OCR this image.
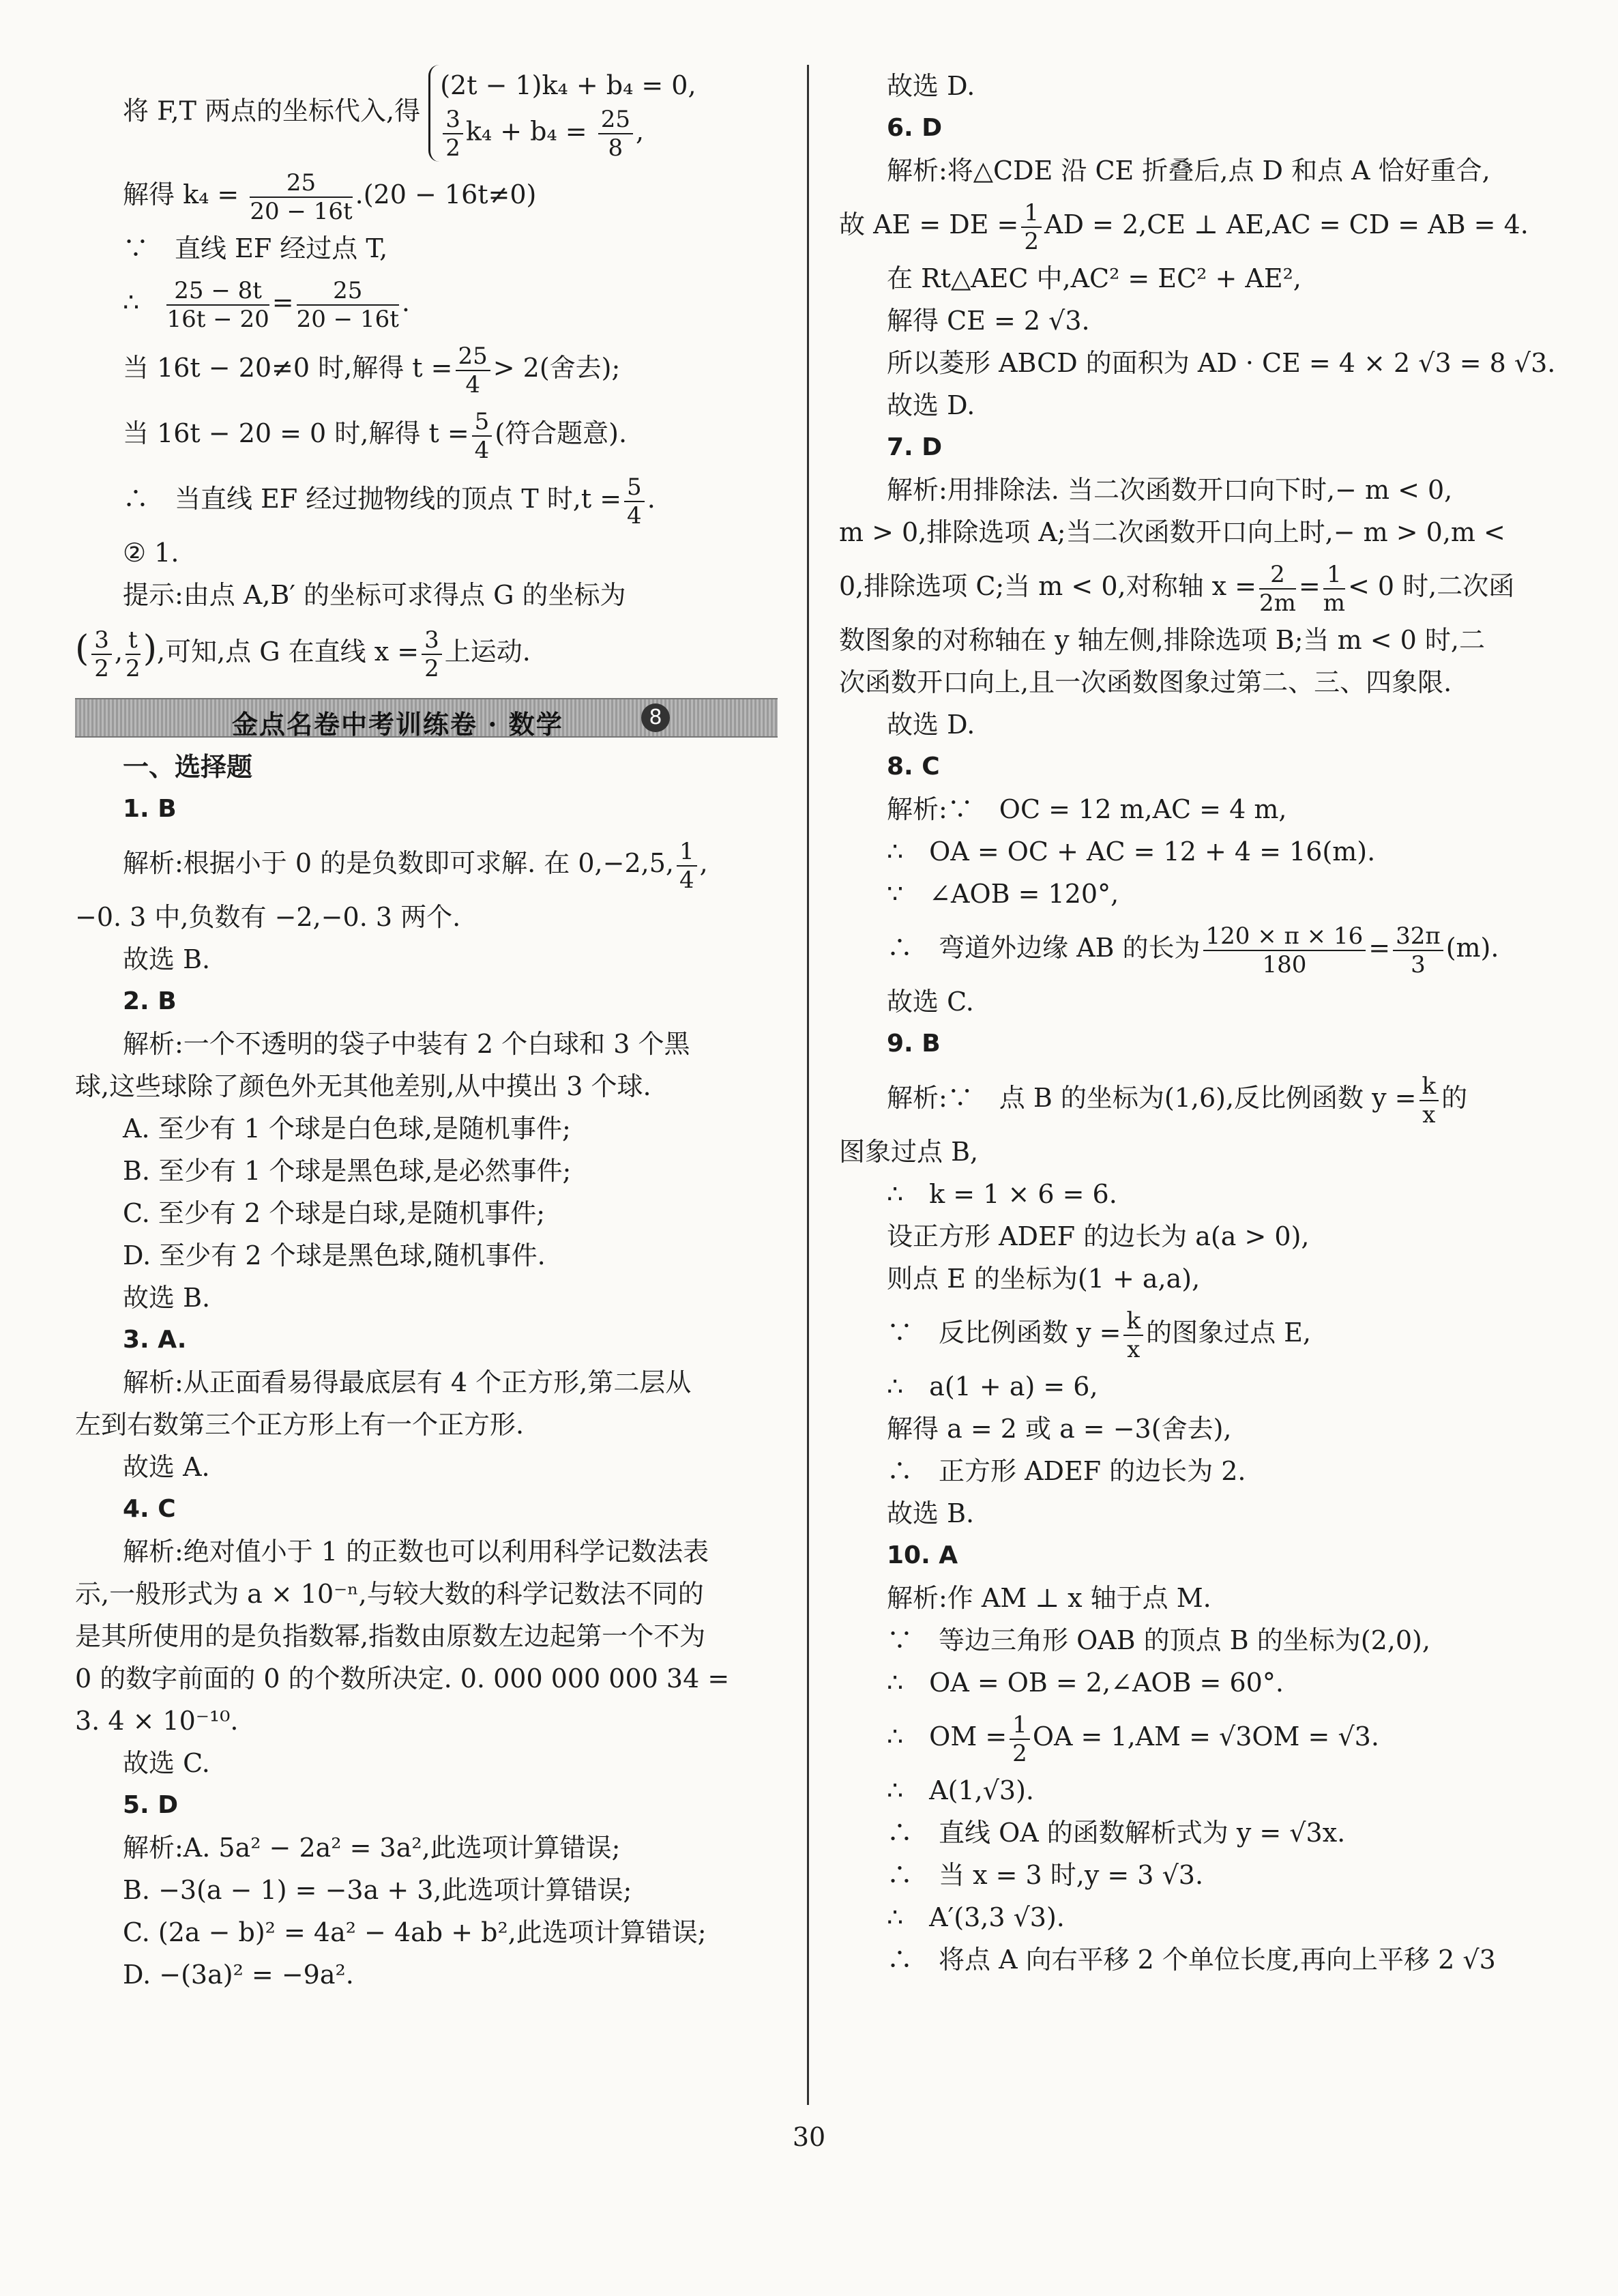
将 F,T 两点的坐标代入,得
(2t − 1)k₄ + b₄ = 0,
$\frac{3}{2} k_4 + b_4 = \frac{25}{8}$ ,
解得 $k_4 = \frac{25}{20 - 16t} .(20 - 16t\ne 0)$
∵　直线 EF 经过点 T,
∴ $\frac{25 - 8t}{16t - 20} = \frac{25}{20 - 16t}$ .
当 16t − 20≠0 时,解得 $t = \frac{25}{4} > 2$(舍去);
当 16t − 20 = 0 时,解得 $t = \frac{5}{4}$ (符合题意).
∴　当直线 EF 经过抛物线的顶点 T 时$,t = \frac{5}{4}$ .
② 1.
提示:由点 A,B′ 的坐标可求得点 G 的坐标为
( $\frac{3}{2}$ , $\frac{t}{2}$ ),可知,点 G 在直线 $x = \frac{3}{2}$ 上运动.
金点名卷中考训练卷 · 数学	8
一、选择题
1. B
解析:根据小于 0 的是负数即可求解. 在 0,−2,5, $\frac{1}{4}$ ,
−0. 3 中,负数有 −2,−0. 3 两个.
故选 B.
2. B
解析:一个不透明的袋子中装有 2 个白球和 3 个黑
球,这些球除了颜色外无其他差别,从中摸出 3 个球.
A. 至少有 1 个球是白色球,是随机事件;
B. 至少有 1 个球是黑色球,是必然事件;
C. 至少有 2 个球是白球,是随机事件;
D. 至少有 2 个球是黑色球,随机事件.
故选 B.
3. A.
解析:从正面看易得最底层有 4 个正方形,第二层从
左到右数第三个正方形上有一个正方形.
故选 A.
4. C
解析:绝对值小于 1 的正数也可以利用科学记数法表
示,一般形式为 a × 10⁻ⁿ,与较大数的科学记数法不同的
是其所使用的是负指数幂,指数由原数左边起第一个不为
0 的数字前面的 0 的个数所决定. 0. 000 000 000 34 =
3. 4 × 10⁻¹⁰.
故选 C.
5. D
解析:A. 5a² − 2a² = 3a²,此选项计算错误;
B. −3(a − 1) = −3a + 3,此选项计算错误;
C. (2a − b)² = 4a² − 4ab + b²,此选项计算错误;
D. −(3a)² = −9a².
故选 D.
6. D
解析:将△CDE 沿 CE 折叠后,点 D 和点 A 恰好重合,
故 AE = DE = $\frac{1}{2}$ AD = 2,CE ⊥ AE,AC = CD = AB = 4.
在 Rt△AEC 中,AC² = EC² + AE²,
解得 CE = 2 √3.
所以菱形 ABCD 的面积为 AD · CE = 4 × 2 √3 = 8 √3.
故选 D.
7. D
解析:用排除法. 当二次函数开口向下时,− m < 0,
m > 0,排除选项 A;当二次函数开口向上时,− m > 0,m <
0,排除选项 C;当 m < 0,对称轴 $x = \frac{2}{2m} = \frac{1}{m} < 0$ 时,二次函
数图象的对称轴在 y 轴左侧,排除选项 B;当 m < 0 时,二
次函数开口向上,且一次函数图象过第二、三、四象限.
故选 D.
8. C
解析:∵　OC = 12 m,AC = 4 m,
∴　OA = OC + AC = 12 + 4 = 16(m).
∵　∠AOB = 120°,
∴　弯道外边缘 AB 的长为 $\frac{120 \times \pi \times 16}{180} = \frac{32\pi}{3} (m)$.
故选 C.
9. B
解析:∵　点 B 的坐标为(1,6),反比例函数 $y = \frac{k}{x}$ 的
图象过点 B,
∴　k = 1 × 6 = 6.
设正方形 ADEF 的边长为 a(a > 0),
则点 E 的坐标为(1 + a,a),
∵　反比例函数 $y = \frac{k}{x}$ 的图象过点 E,
∴　a(1 + a) = 6,
解得 a = 2 或 a = −3(舍去),
∴　正方形 ADEF 的边长为 2.
故选 B.
10. A
解析:作 AM ⊥ x 轴于点 M.
∵　等边三角形 OAB 的顶点 B 的坐标为(2,0),
∴　OA = OB = 2,∠AOB = 60°.
∴　OM = $\frac{1}{2}$ OA = 1,AM = √3OM = √3.
∴　A(1,√3).
∴　直线 OA 的函数解析式为 y = √3x.
∴　当 x = 3 时,y = 3 √3.
∴　A′(3,3 √3).
∴　将点 A 向右平移 2 个单位长度,再向上平移 2 √3
30
